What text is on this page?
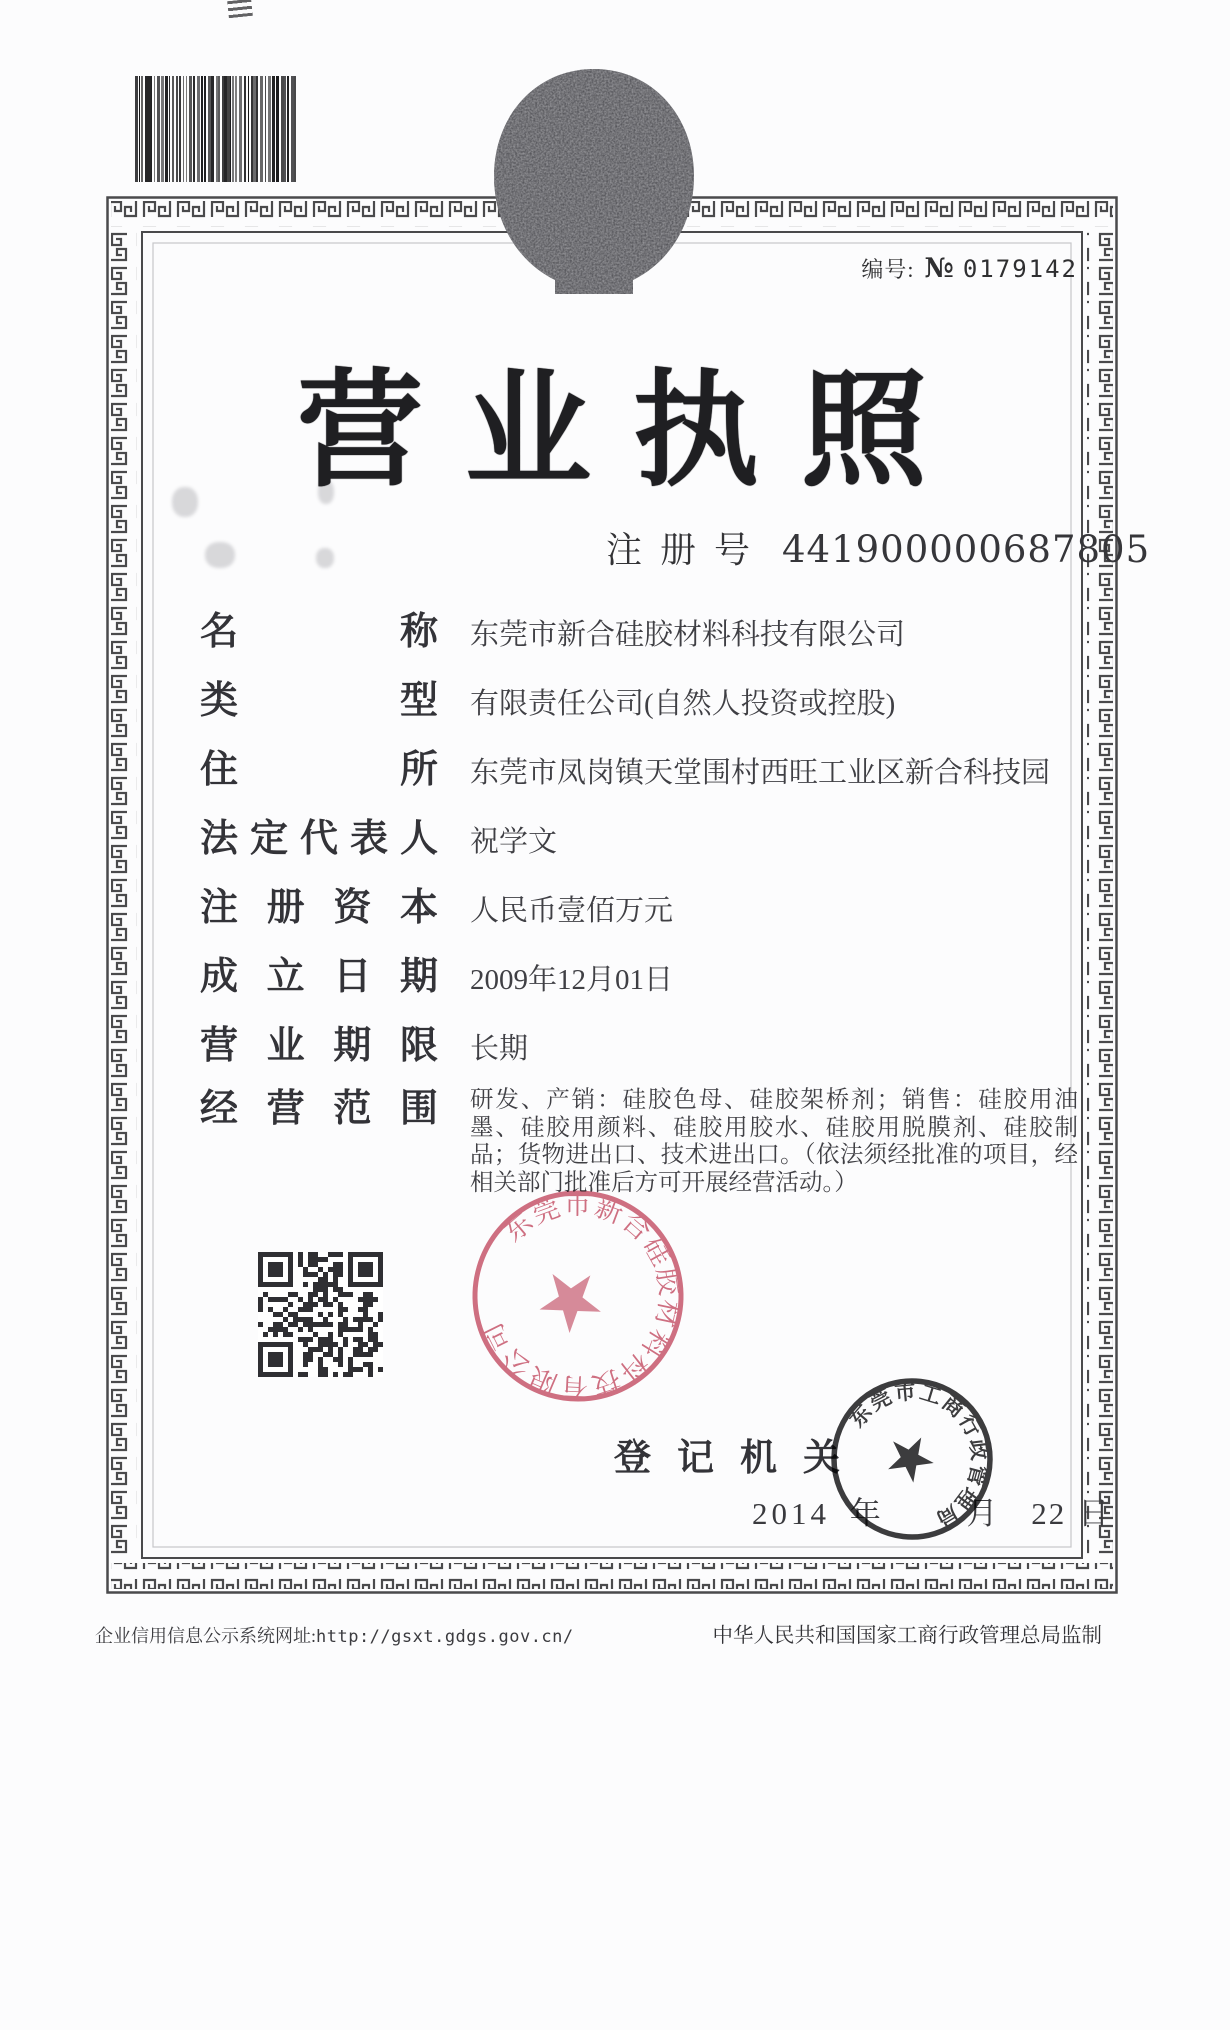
编号: № 0179142
营业执照
注册号 441900000687805
名称 东莞市新合硅胶材料科技有限公司
类型 有限责任公司(自然人投资或控股)
住所 东莞市凤岗镇天堂围村西旺工业区新合科技园
法定代表人 祝学文
注册资本 人民币壹佰万元
成立日期 2009年12月01日
营业期限 长期
经营范围 研发、产销：硅胶色母、硅胶架桥剂；销售：硅胶用油墨、硅胶用颜料、硅胶用胶水、硅胶用脱膜剂、硅胶制品；货物进出口、技术进出口。（依法须经批准的项目，经相关部门批准后方可开展经营活动。）
东莞市新合硅胶材料科技有限公司
★
登记机关
2014 年	月 22 日
东莞市工商行政管理局
★
企业信用信息公示系统网址:http://gsxt.gdgs.gov.cn/	中华人民共和国国家工商行政管理总局监制
